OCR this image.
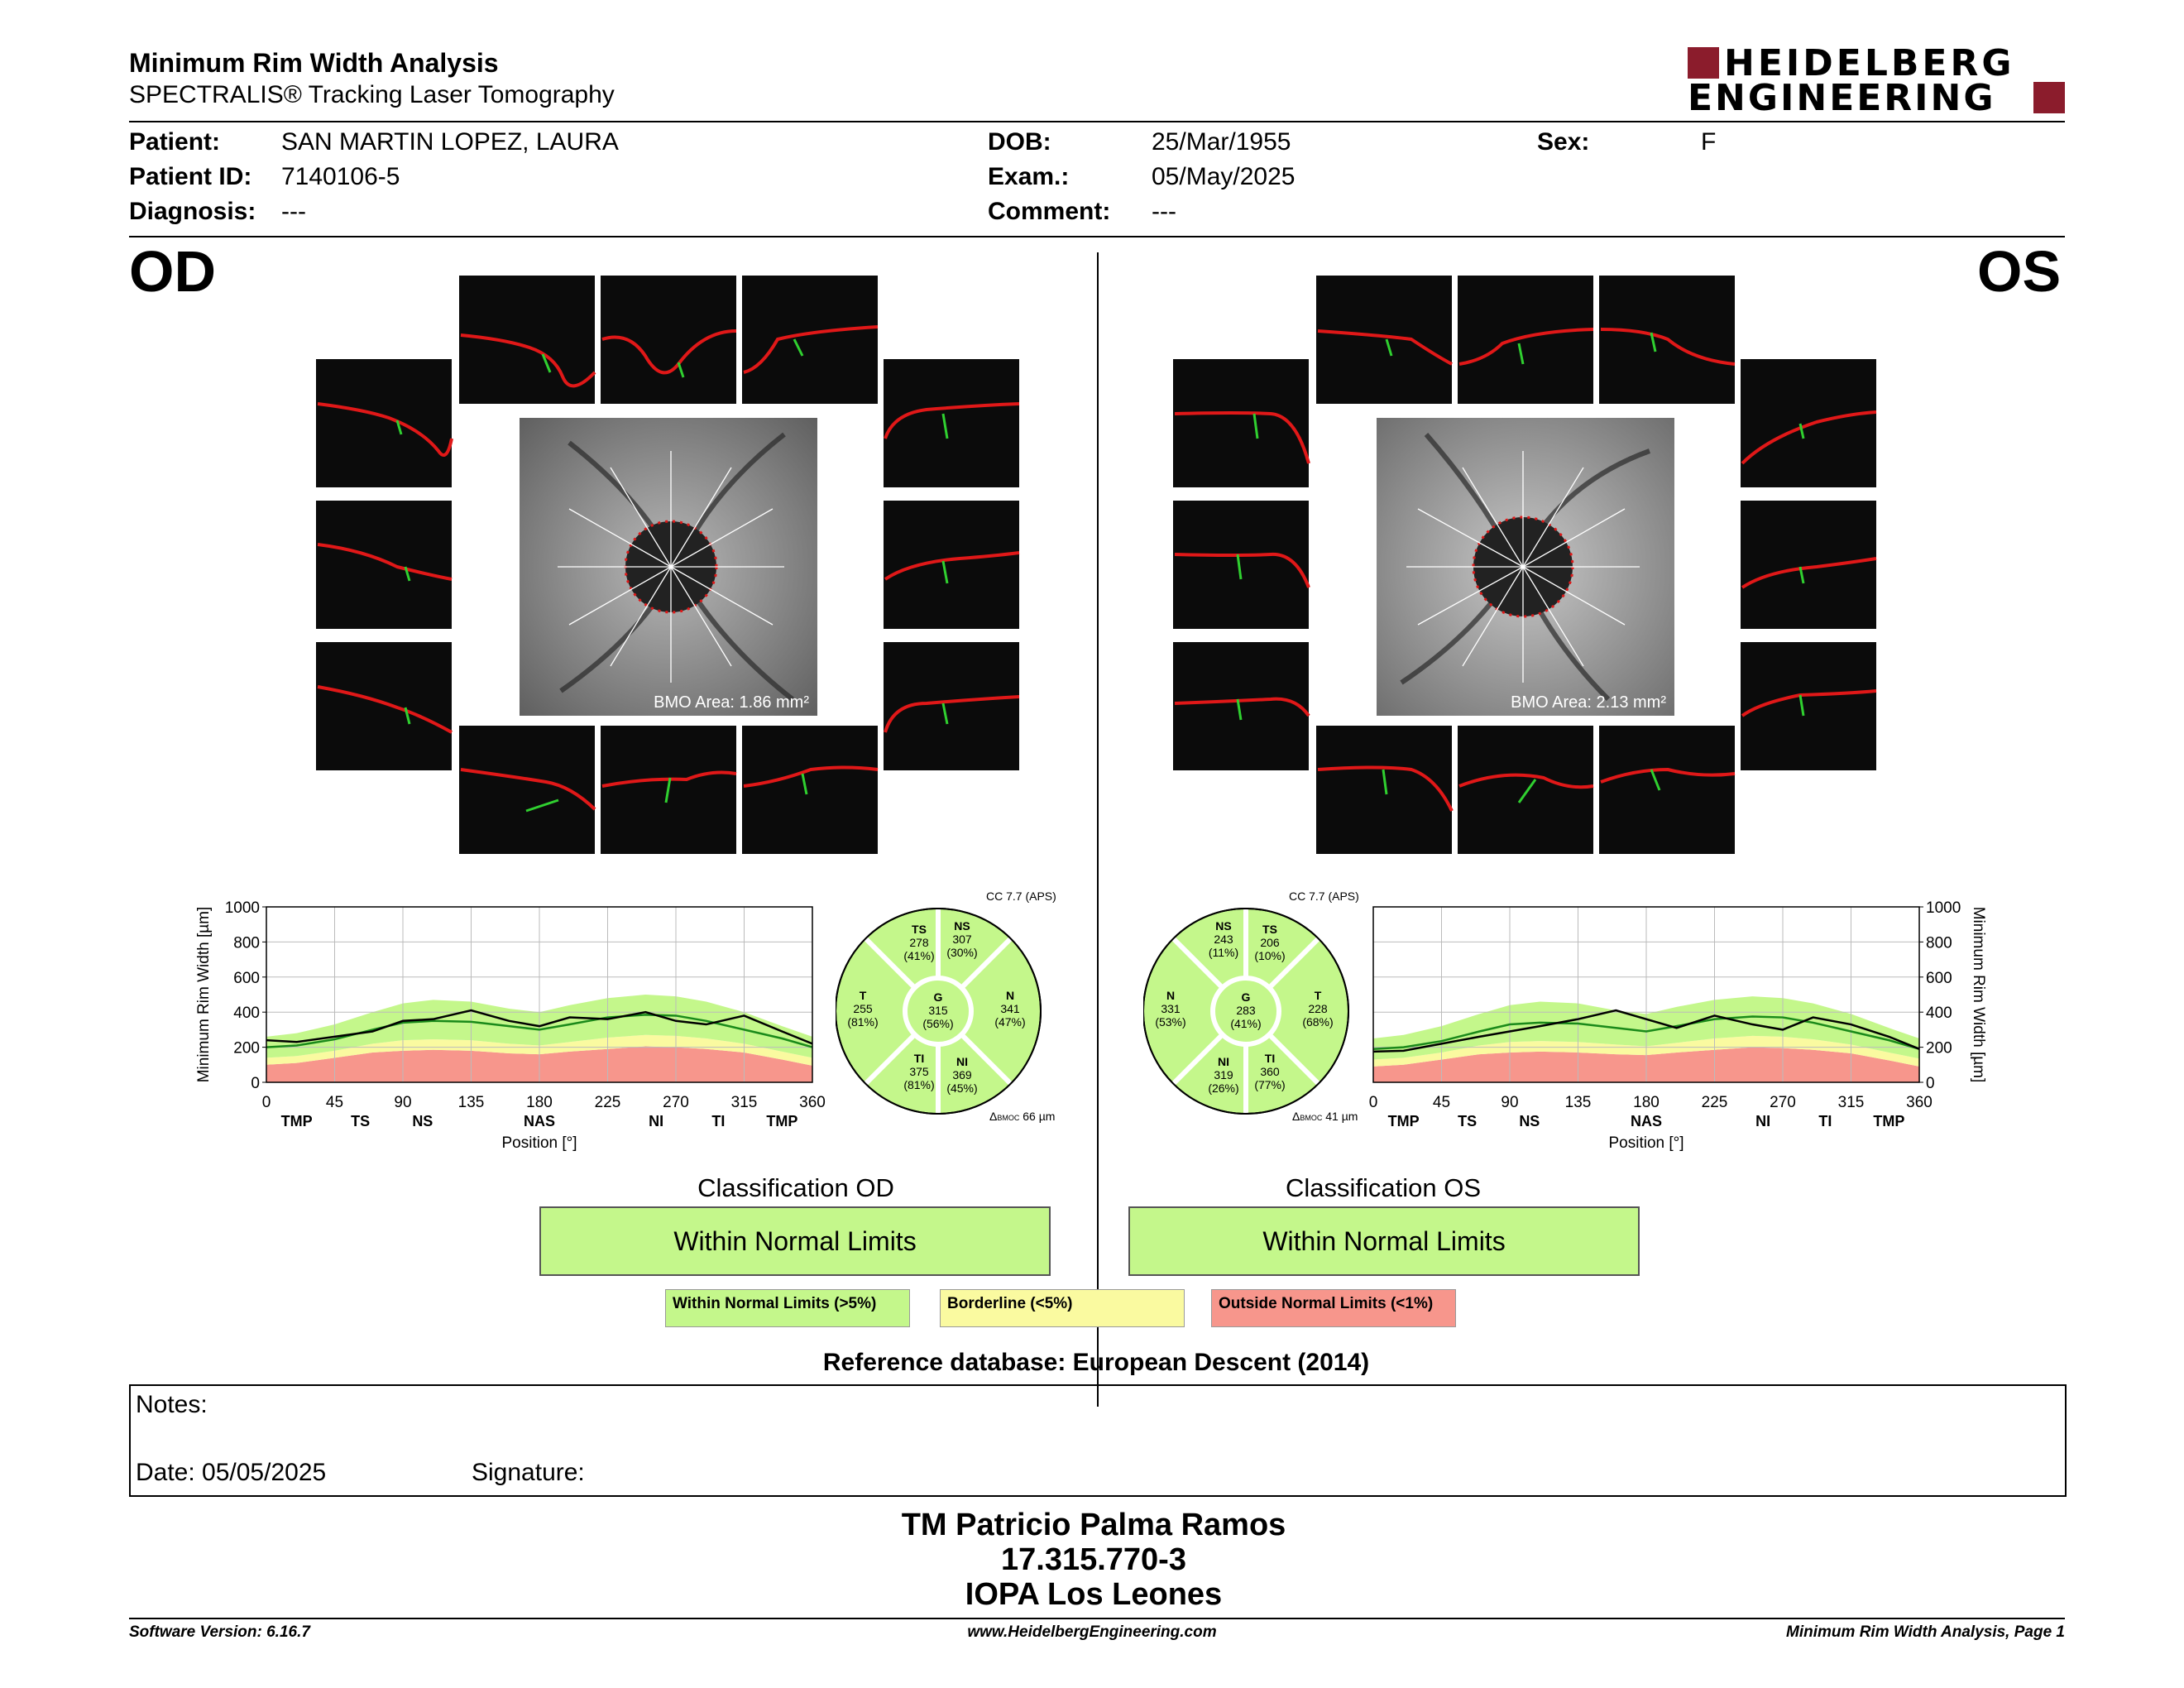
Minimum Rim Width Analysis
SPECTRALIS® Tracking Laser Tomography
HEIDELBERG
ENGINEERING
Patient: SAN MARTIN LOPEZ, LAURA
Patient ID: 7140106-5
Diagnosis: ---
DOB:	25/Mar/1955
Exam.:	05/May/2025
Comment: ---
Sex:	F
OD	OS
BMO Area: 1.86 mm²	BMO Area: 2.13 mm²
0
200
400
600
800
1000
0	45	90	135	180	225	270	315	360
TMP	TS	NS	NAS	NI	TI	TMP
Position [°]
Minimum Rim Width [µm]
0
200
400
600
800
1000
0	45	90	135	180	225	270	315	360
TMP	TS	NS	NAS	NI	TI	TMP
Position [°]
Minimum Rim Width [µm]
CC 7.7 (APS)
TS
278
(41%)
NS
307
(30%)
T
255
(81%)
G
315
(56%)
N
341
(47%)
TI
375
(81%)
NI
369
(45%)
ΔBMOC 66 µm
CC 7.7 (APS)
NS
243
(11%)
TS
206
(10%)
N
331
(53%)
G
283
(41%)
T
228
(68%)
NI
319
(26%)
TI
360
(77%)
ΔBMOC 41 µm
Classification OD
Within Normal Limits
Classification OS
Within Normal Limits
Within Normal Limits (>5%)	Borderline (<5%)	Outside Normal Limits (<1%)
Reference database: European Descent (2014)
Notes:
Date: 05/05/2025	Signature:
TM Patricio Palma Ramos
17.315.770-3
IOPA Los Leones
Software Version: 6.16.7	www.HeidelbergEngineering.com	Minimum Rim Width Analysis, Page 1
